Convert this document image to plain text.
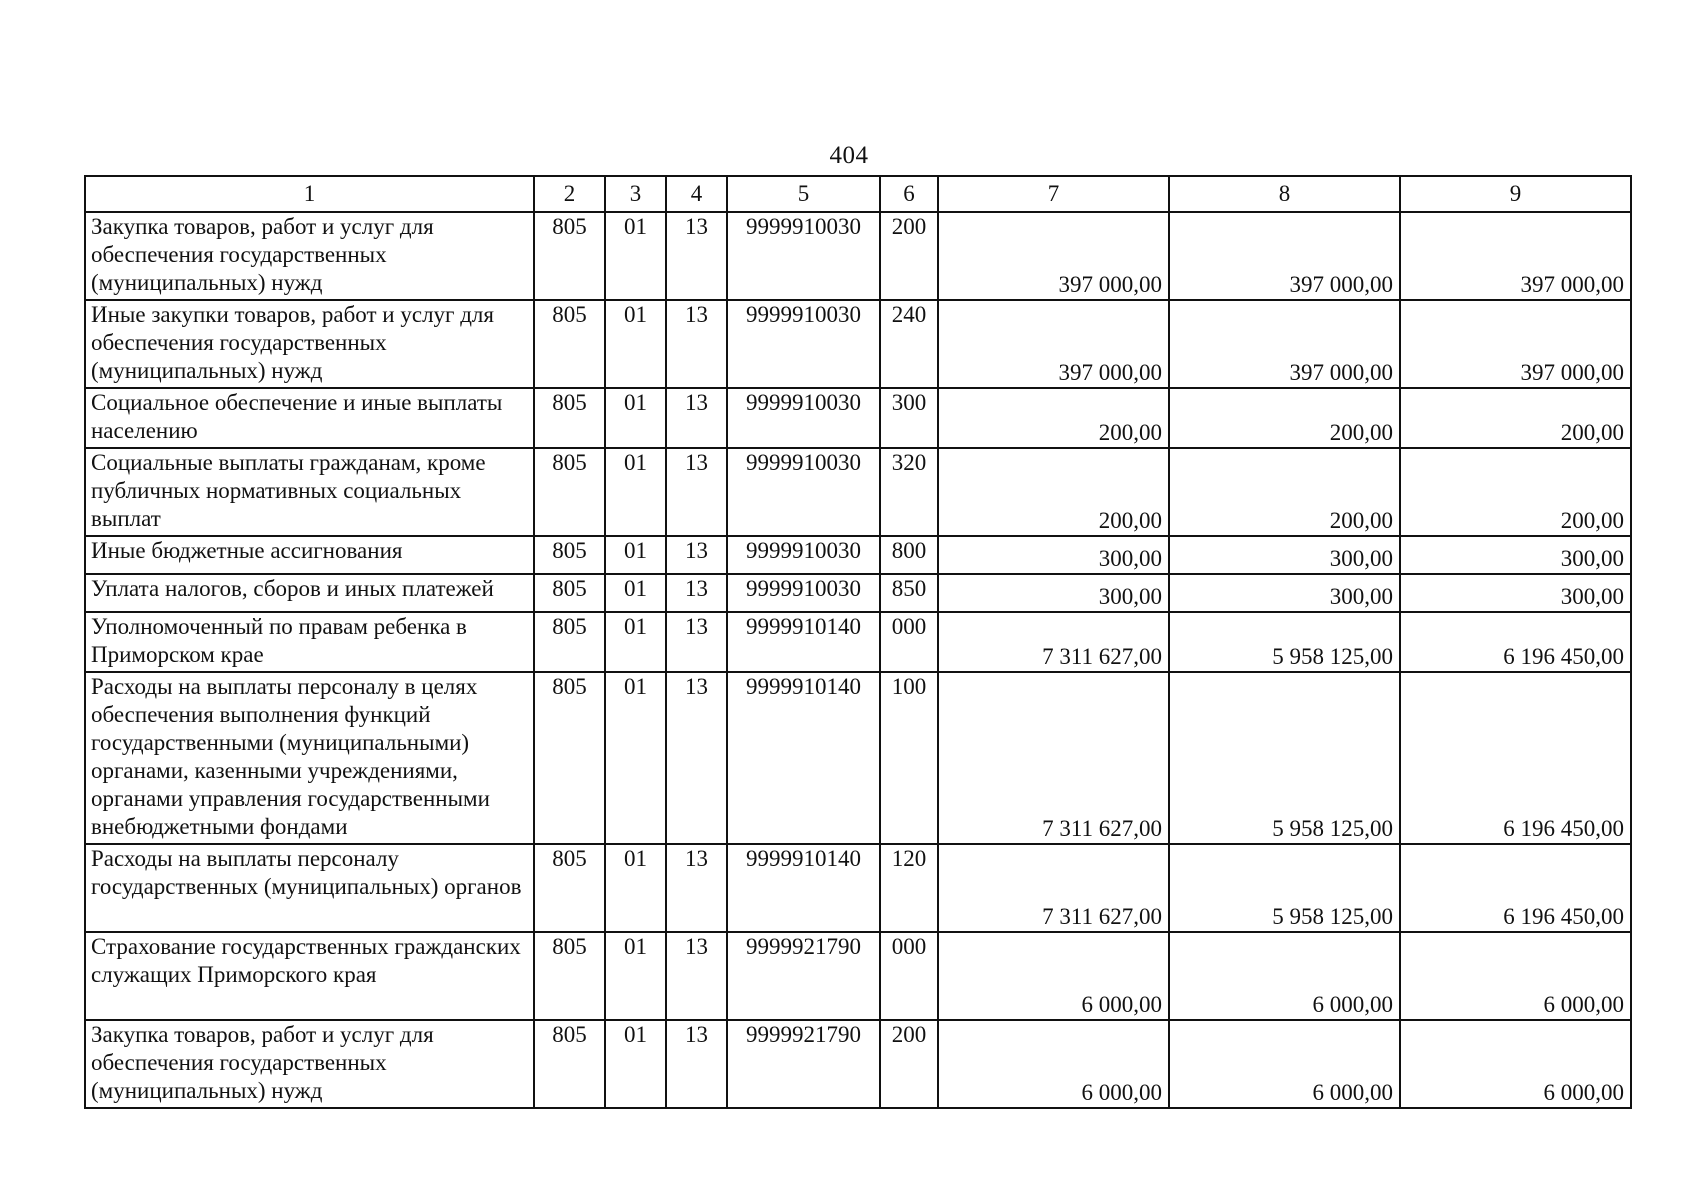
404
1	2	3	4	5	6	7	8	9
Закупка товаров, работ и услуг для обеспечения государственных (муниципальных) нужд	805	01	13	9999910030	200	397 000,00	397 000,00	397 000,00
Иные закупки товаров, работ и услуг для обеспечения государственных (муниципальных) нужд	805	01	13	9999910030	240	397 000,00	397 000,00	397 000,00
Социальное обеспечение и иные выплаты населению	805	01	13	9999910030	300	200,00	200,00	200,00
Социальные выплаты гражданам, кроме публичных нормативных социальных выплат	805	01	13	9999910030	320	200,00	200,00	200,00
Иные бюджетные ассигнования	805	01	13	9999910030	800	300,00	300,00	300,00
Уплата налогов, сборов и иных платежей	805	01	13	9999910030	850	300,00	300,00	300,00
Уполномоченный по правам ребенка в Приморском крае	805	01	13	9999910140	000	7 311 627,00	5 958 125,00	6 196 450,00
Расходы на выплаты персоналу в целях обеспечения выполнения функций государственными (муниципальными) органами, казенными учреждениями, органами управления государственными внебюджетными фондами	805	01	13	9999910140	100	7 311 627,00	5 958 125,00	6 196 450,00
Расходы на выплаты персоналу государственных (муниципальных) органов	805	01	13	9999910140	120	7 311 627,00	5 958 125,00	6 196 450,00
Страхование государственных гражданских служащих Приморского края	805	01	13	9999921790	000	6 000,00	6 000,00	6 000,00
Закупка товаров, работ и услуг для обеспечения государственных (муниципальных) нужд	805	01	13	9999921790	200	6 000,00	6 000,00	6 000,00
